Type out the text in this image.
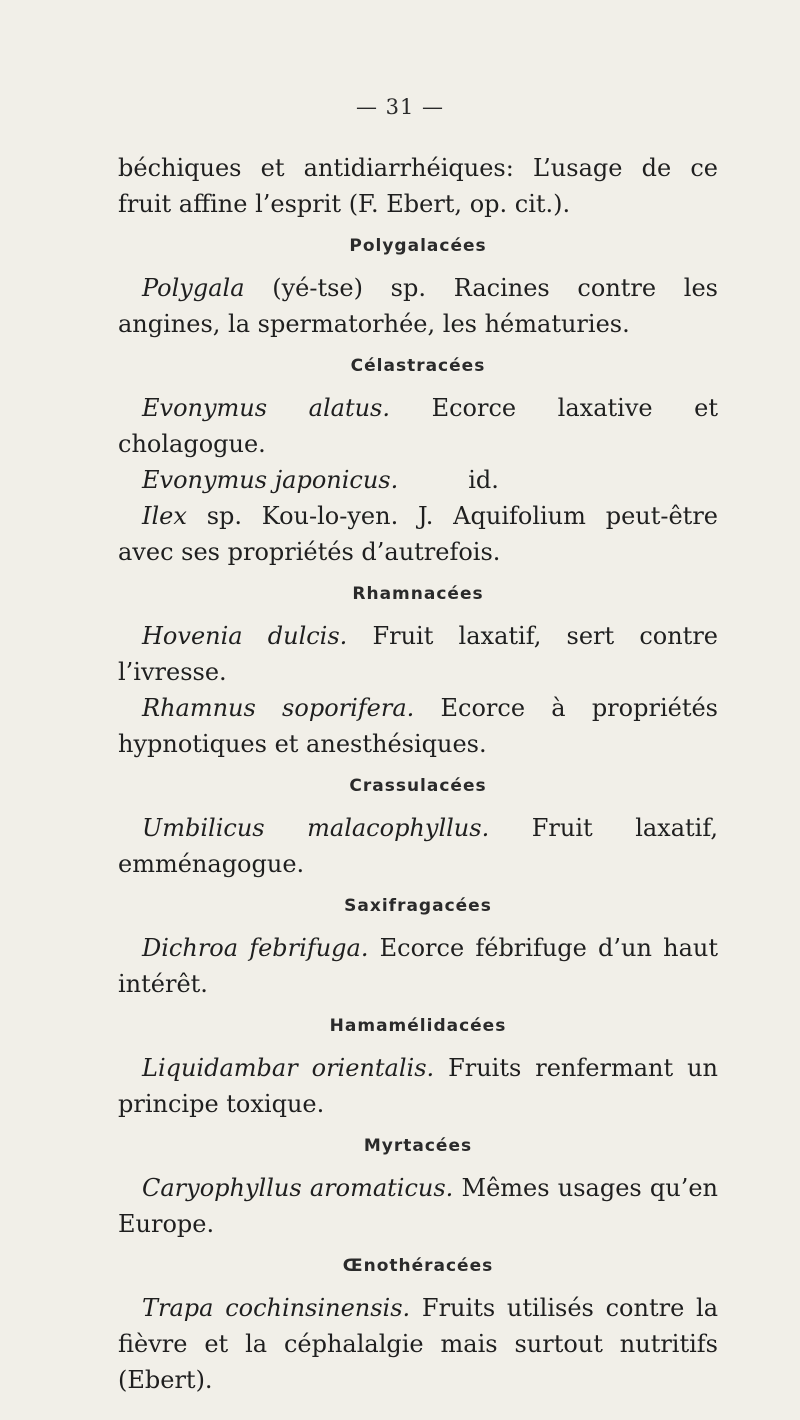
— 31 —

béchiques et antidiarrhéiques: L’usage de ce fruit affine l’esprit (F. Ebert, op. cit.).

Polygalacées

Polygala (yé-tse) sp. Racines contre les angines, la spermatorhée, les hématuries.

Célastracées

Evonymus alatus. Ecorce laxative et cholagogue.

Evonymus japonicus.	id.

Ilex sp. Kou-lo-yen. J. Aquifolium peut-être avec ses propriétés d’autrefois.

Rhamnacées

Hovenia dulcis. Fruit laxatif, sert contre l’ivresse.

Rhamnus soporifera. Ecorce à propriétés hypnotiques et anesthésiques.

Crassulacées

Umbilicus malacophyllus. Fruit laxatif, emménagogue.

Saxifragacées

Dichroa febrifuga. Ecorce fébrifuge d’un haut intérêt.

Hamamélidacées

Liquidambar orientalis. Fruits renfermant un principe toxique.

Myrtacées

Caryophyllus aromaticus. Mêmes usages qu’en Europe.

Œnothéracées

Trapa cochinsinensis. Fruits utilisés contre la fièvre et la céphalalgie mais surtout nutritifs (Ebert).
